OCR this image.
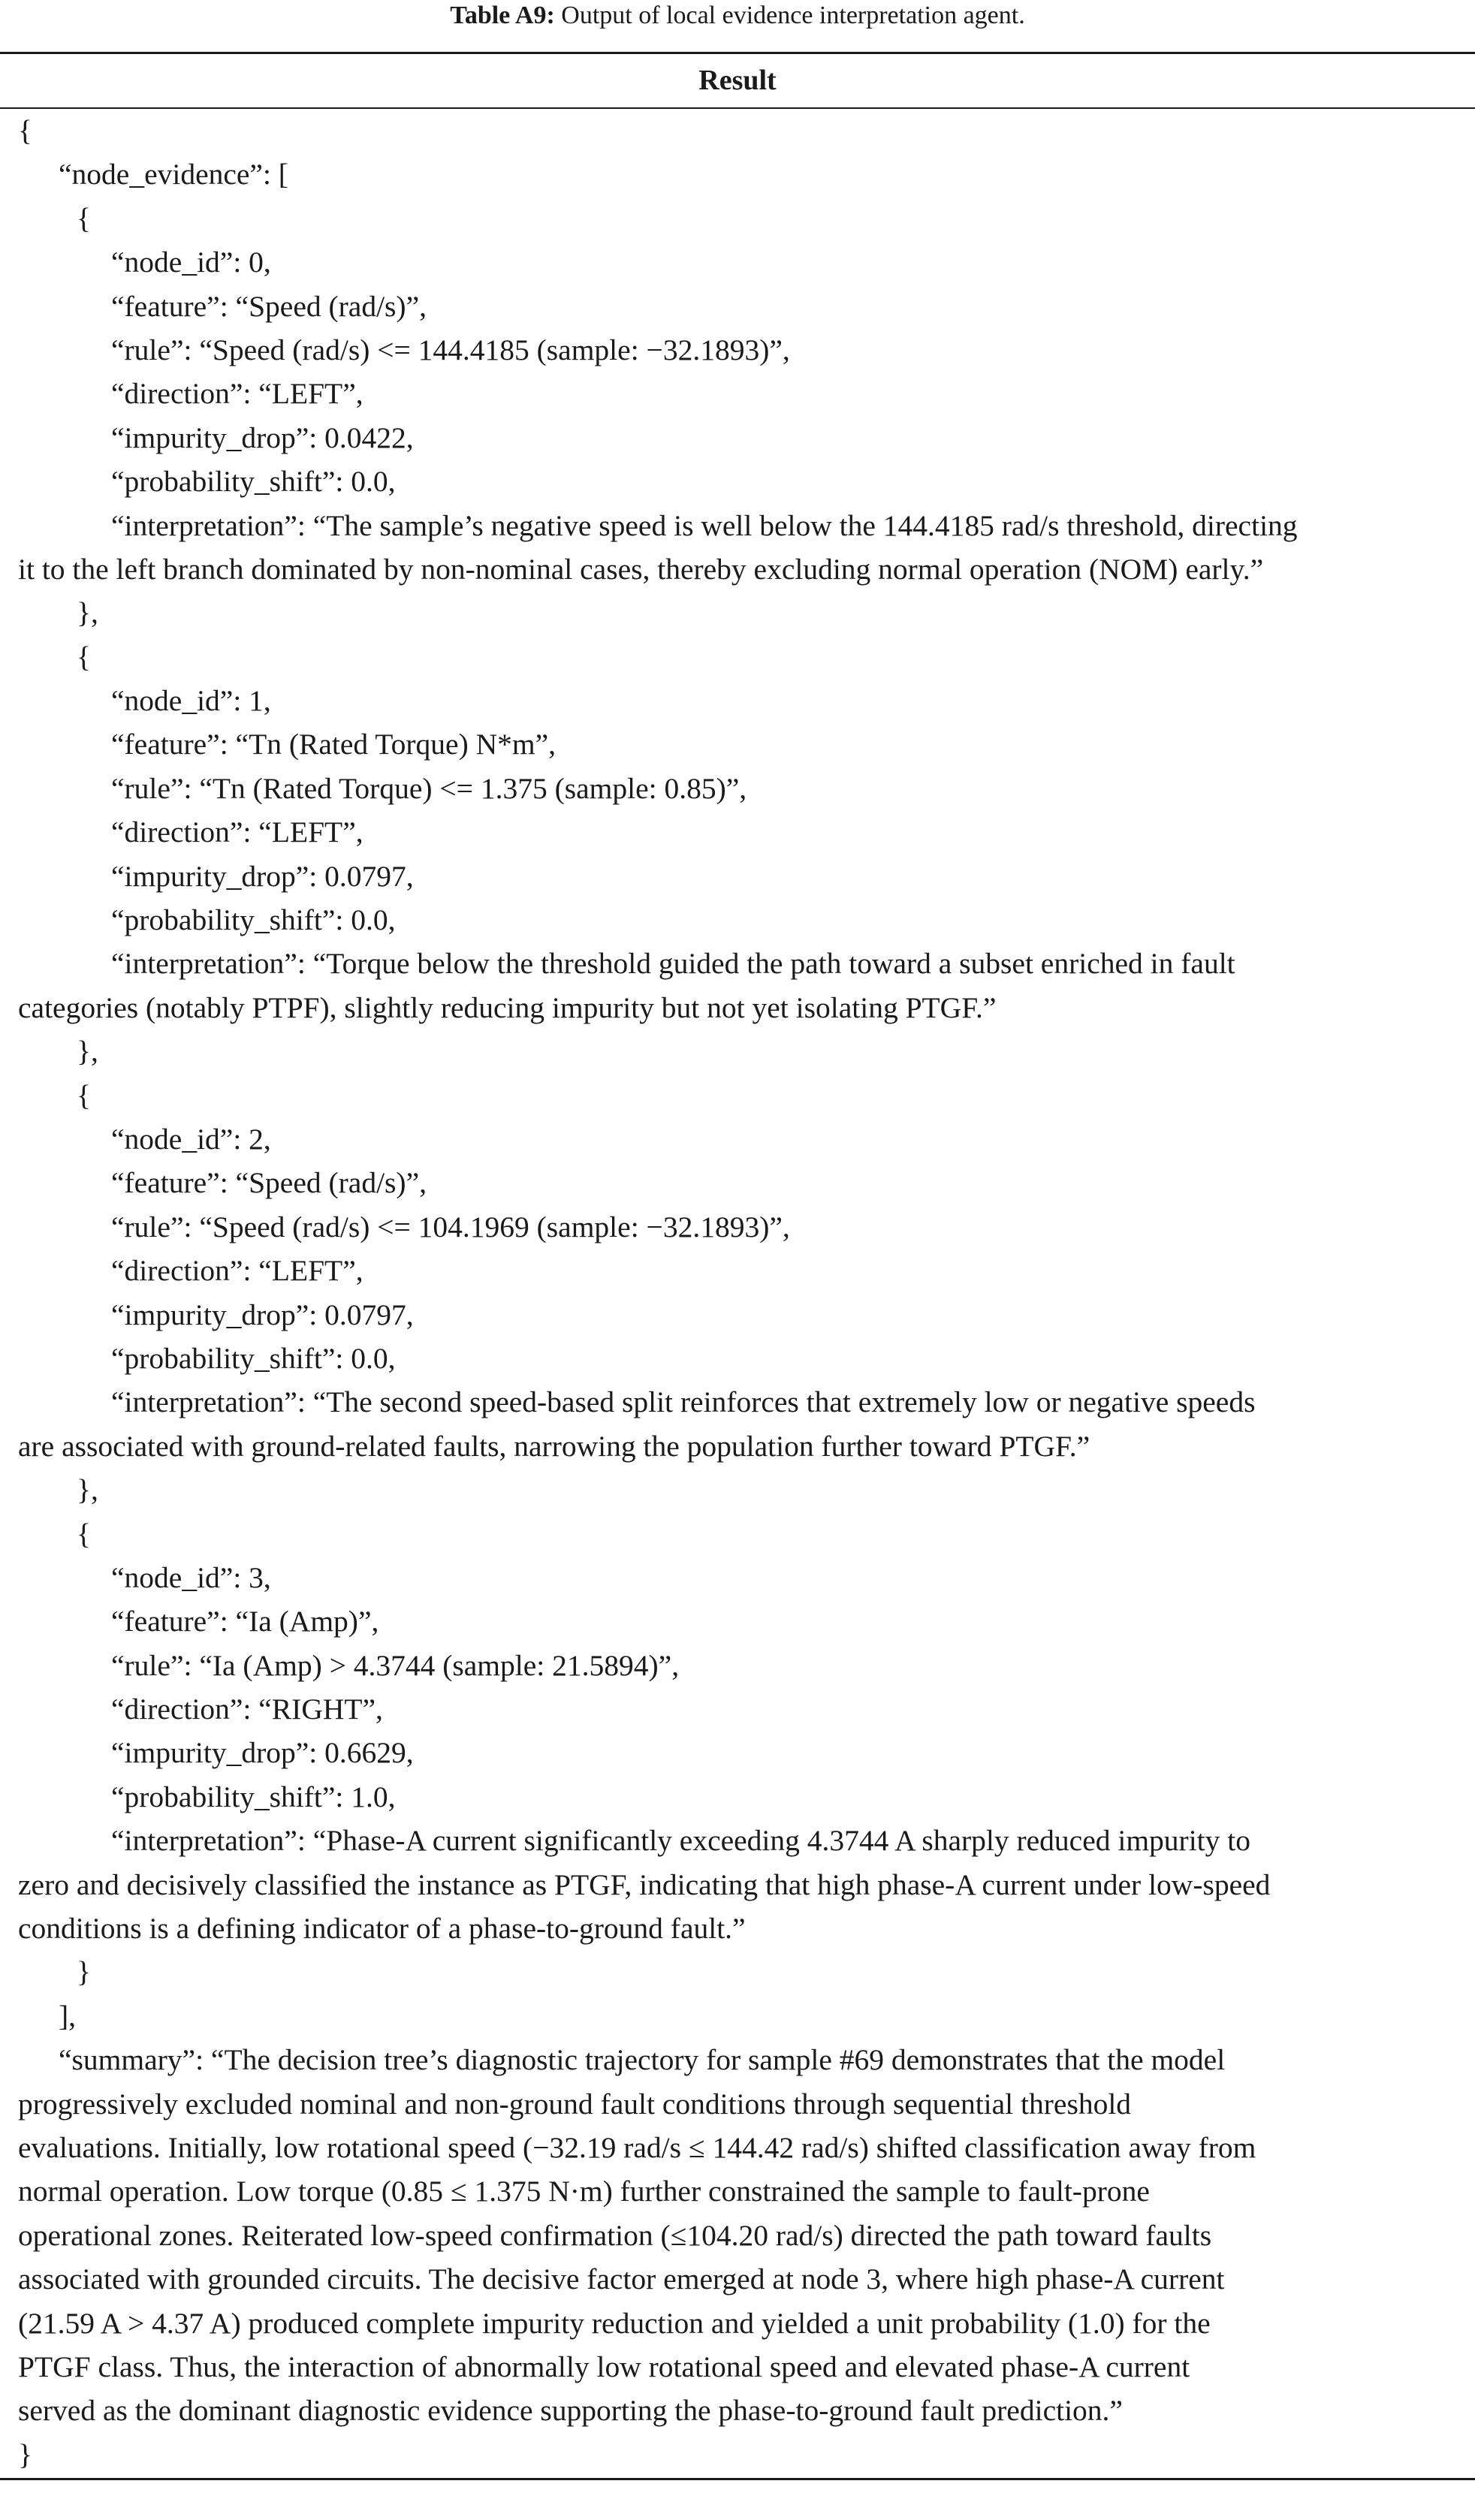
Table A9: Output of local evidence interpretation agent.
Result
{
“node_evidence”: [
{
“node_id”: 0,
“feature”: “Speed (rad/s)”,
“rule”: “Speed (rad/s) <= 144.4185 (sample: −32.1893)”,
“direction”: “LEFT”,
“impurity_drop”: 0.0422,
“probability_shift”: 0.0,
“interpretation”: “The sample’s negative speed is well below the 144.4185 rad/s threshold, directing
it to the left branch dominated by non-nominal cases, thereby excluding normal operation (NOM) early.”
},
{
“node_id”: 1,
“feature”: “Tn (Rated Torque) N*m”,
“rule”: “Tn (Rated Torque) <= 1.375 (sample: 0.85)”,
“direction”: “LEFT”,
“impurity_drop”: 0.0797,
“probability_shift”: 0.0,
“interpretation”: “Torque below the threshold guided the path toward a subset enriched in fault
categories (notably PTPF), slightly reducing impurity but not yet isolating PTGF.”
},
{
“node_id”: 2,
“feature”: “Speed (rad/s)”,
“rule”: “Speed (rad/s) <= 104.1969 (sample: −32.1893)”,
“direction”: “LEFT”,
“impurity_drop”: 0.0797,
“probability_shift”: 0.0,
“interpretation”: “The second speed-based split reinforces that extremely low or negative speeds
are associated with ground-related faults, narrowing the population further toward PTGF.”
},
{
“node_id”: 3,
“feature”: “Ia (Amp)”,
“rule”: “Ia (Amp) > 4.3744 (sample: 21.5894)”,
“direction”: “RIGHT”,
“impurity_drop”: 0.6629,
“probability_shift”: 1.0,
“interpretation”: “Phase-A current significantly exceeding 4.3744 A sharply reduced impurity to
zero and decisively classified the instance as PTGF, indicating that high phase-A current under low-speed
conditions is a defining indicator of a phase-to-ground fault.”
}
],
“summary”: “The decision tree’s diagnostic trajectory for sample #69 demonstrates that the model
progressively excluded nominal and non-ground fault conditions through sequential threshold
evaluations. Initially, low rotational speed (−32.19 rad/s ≤ 144.42 rad/s) shifted classification away from
normal operation. Low torque (0.85 ≤ 1.375 N·m) further constrained the sample to fault-prone
operational zones. Reiterated low-speed confirmation (≤104.20 rad/s) directed the path toward faults
associated with grounded circuits. The decisive factor emerged at node 3, where high phase-A current
(21.59 A > 4.37 A) produced complete impurity reduction and yielded a unit probability (1.0) for the
PTGF class. Thus, the interaction of abnormally low rotational speed and elevated phase-A current
served as the dominant diagnostic evidence supporting the phase-to-ground fault prediction.”
}
